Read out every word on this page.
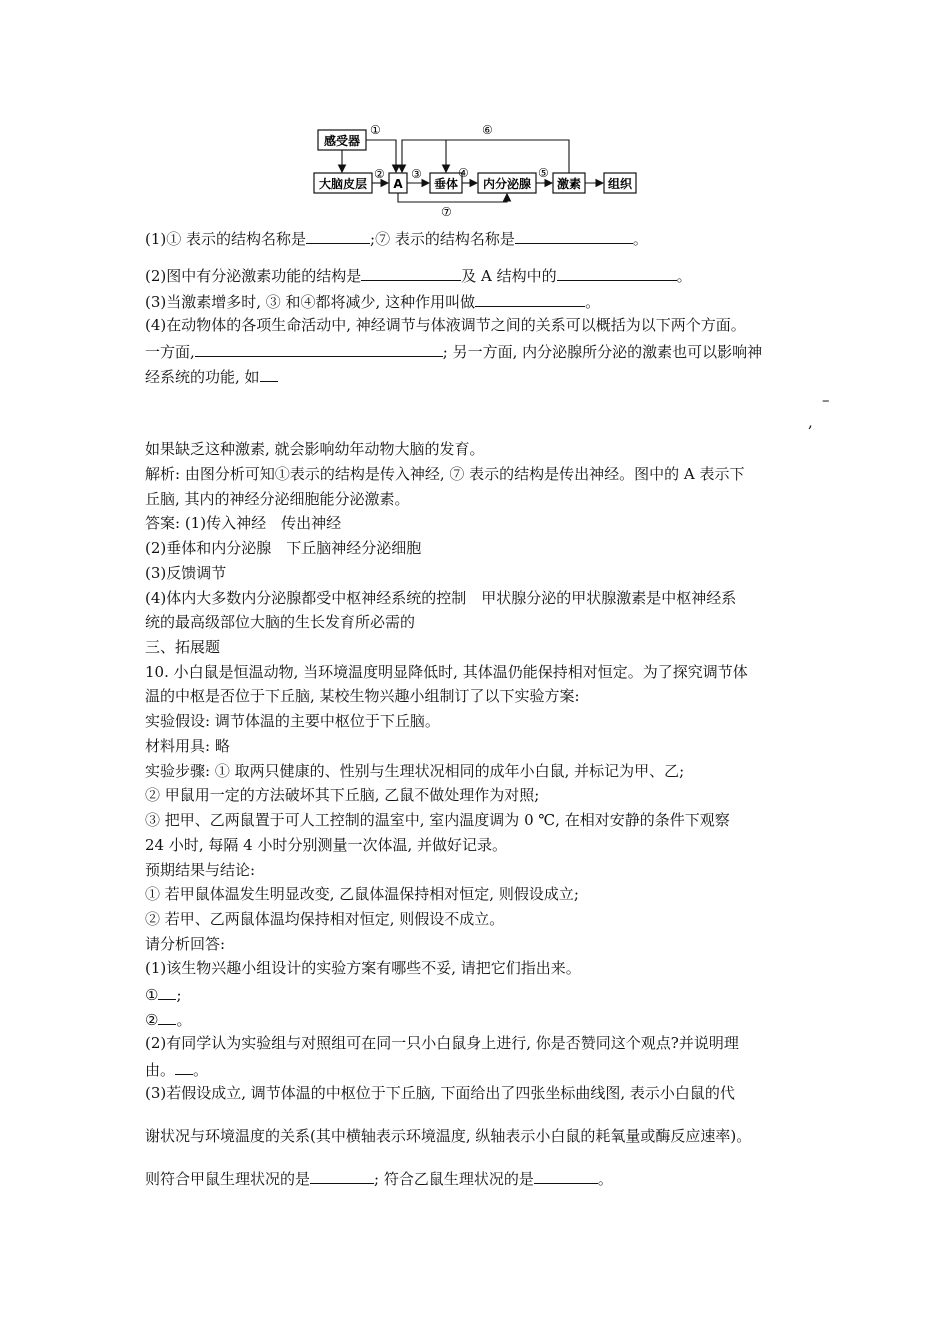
感受器
大脑皮层 A	垂体 内分泌腺 激素 组织
①
② ③	④	⑤
⑥
⑦
(1)① 表示的结构名称是	;⑦ 表示的结构名称是	。
(2)图中有分泌激素功能的结构是	及 A 结构中的	。
(3)当激素增多时, ③ 和④都将减少, 这种作用叫做	。
(4)在动物体的各项生命活动中, 神经调节与体液调节之间的关系可以概括为以下两个方面。
一方面,	; 另一方面, 内分泌腺所分泌的激素也可以影响神
经系统的功能, 如
–
,
如果缺乏这种激素, 就会影响幼年动物大脑的发育。
解析: 由图分析可知①表示的结构是传入神经, ⑦ 表示的结构是传出神经。图中的 A 表示下
丘脑, 其内的神经分泌细胞能分泌激素。
答案: (1)传入神经　传出神经
(2)垂体和内分泌腺　下丘脑神经分泌细胞
(3)反馈调节
(4)体内大多数内分泌腺都受中枢神经系统的控制　甲状腺分泌的甲状腺激素是中枢神经系
统的最高级部位大脑的生长发育所必需的
三、拓展题
10. 小白鼠是恒温动物, 当环境温度明显降低时, 其体温仍能保持相对恒定。为了探究调节体
温的中枢是否位于下丘脑, 某校生物兴趣小组制订了以下实验方案:
实验假设: 调节体温的主要中枢位于下丘脑。
材料用具: 略
实验步骤: ① 取两只健康的、性别与生理状况相同的成年小白鼠, 并标记为甲、乙;
② 甲鼠用一定的方法破坏其下丘脑, 乙鼠不做处理作为对照;
③ 把甲、乙两鼠置于可人工控制的温室中, 室内温度调为 0 ℃, 在相对安静的条件下观察
24 小时, 每隔 4 小时分别测量一次体温, 并做好记录。
预期结果与结论:
① 若甲鼠体温发生明显改变, 乙鼠体温保持相对恒定, 则假设成立;
② 若甲、乙两鼠体温均保持相对恒定, 则假设不成立。
请分析回答:
(1)该生物兴趣小组设计的实验方案有哪些不妥, 请把它们指出来。
① ;
② 。
(2)有同学认为实验组与对照组可在同一只小白鼠身上进行, 你是否赞同这个观点?并说明理
由。 。
(3)若假设成立, 调节体温的中枢位于下丘脑, 下面给出了四张坐标曲线图, 表示小白鼠的代
谢状况与环境温度的关系(其中横轴表示环境温度, 纵轴表示小白鼠的耗氧量或酶反应速率)。
则符合甲鼠生理状况的是	; 符合乙鼠生理状况的是	。
